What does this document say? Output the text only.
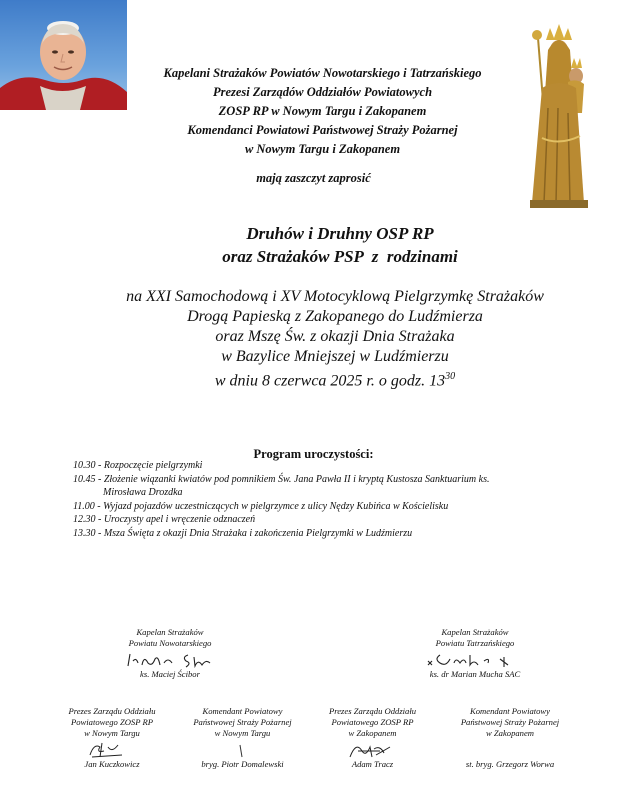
Kapelani Strażaków Powiatów Nowotarskiego i Tatrzańskiego
Prezesi Zarządów Oddziałów Powiatowych
ZOSP RP w Nowym Targu i Zakopanem
Komendanci Powiatowi Państwowej Straży Pożarnej
w Nowym Targu i Zakopanem
mają zaszczyt zaprosić
Druhów i Druhny OSP RP
oraz Strażaków PSP  z  rodzinami
na XXI Samochodową i XV Motocyklową Pielgrzymkę Strażaków
Drogą Papieską z Zakopanego do Ludźmierza
oraz Mszę Św. z okazji Dnia Strażaka
w Bazylice Mniejszej w Ludźmierzu
w dniu 8 czerwca 2025 r. o godz. $13^{30}$
Program uroczystości:
10.30 - Rozpoczęcie pielgrzymki
10.45 - Złożenie wiązanki kwiatów pod pomnikiem Św. Jana Pawła II i kryptą Kustosza Sanktuarium ks.
Mirosława Drozdka
11.00 - Wyjazd pojazdów uczestniczących w pielgrzymce z ulicy Nędzy Kubińca w Kościelisku
12.30 - Uroczysty apel i wręczenie odznaczeń
13.30 - Msza Święta z okazji Dnia Strażaka i zakończenia Pielgrzymki w Ludźmierzu
Kapelan Strażaków
Powiatu Nowotarskiego
ks. Maciej Ścibor
Kapelan Strażaków
Powiatu Tatrzańskiego
ks. dr Marian Mucha SAC
Prezes Zarządu Oddziału
Powiatowego ZOSP RP
w Nowym Targu
Jan Kuczkowicz
Komendant Powiatowy
Państwowej Straży Pożarnej
w Nowym Targu
bryg. Piotr Domalewski
Prezes Zarządu Oddziału
Powiatowego ZOSP RP
w Zakopanem
Adam Tracz
Komendant Powiatowy
Państwowej Straży Pożarnej
w Zakopanem
st. bryg. Grzegorz Worwa
